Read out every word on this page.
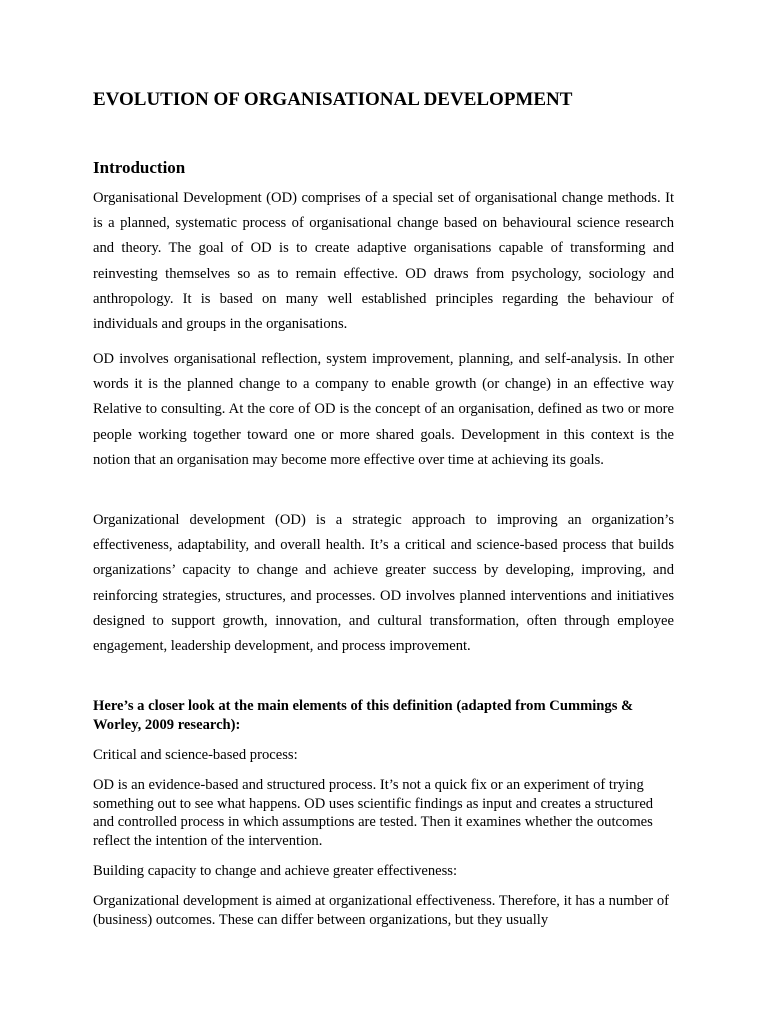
EVOLUTION OF ORGANISATIONAL DEVELOPMENT
Introduction

Organisational Development (OD) comprises of a special set of organisational change methods. It is a planned, systematic process of organisational change based on behavioural science research and theory. The goal of OD is to create adaptive organisations capable of transforming and reinvesting themselves so as to remain effective. OD draws from psychology, sociology and anthropology. It is based on many well established principles regarding the behaviour of individuals and groups in the organisations.

OD involves organisational reflection, system improvement, planning, and self-analysis. In other words it is the planned change to a company to enable growth (or change) in an effective way Relative to consulting. At the core of OD is the concept of an organisation, defined as two or more people working together toward one or more shared goals. Development in this context is the notion that an organisation may become more effective over time at achieving its goals.

Organizational development (OD) is a strategic approach to improving an organization’s effectiveness, adaptability, and overall health. It’s a critical and science-based process that builds organizations’ capacity to change and achieve greater success by developing, improving, and reinforcing strategies, structures, and processes. OD involves planned interventions and initiatives designed to support growth, innovation, and cultural transformation, often through employee engagement, leadership development, and process improvement.

Here’s a closer look at the main elements of this definition (adapted from Cummings & Worley, 2009 research):

Critical and science-based process:

OD is an evidence-based and structured process. It’s not a quick fix or an experiment of trying something out to see what happens. OD uses scientific findings as input and creates a structured and controlled process in which assumptions are tested. Then it examines whether the outcomes reflect the intention of the intervention.

Building capacity to change and achieve greater effectiveness:

Organizational development is aimed at organizational effectiveness. Therefore, it has a number of (business) outcomes. These can differ between organizations, but they usually
